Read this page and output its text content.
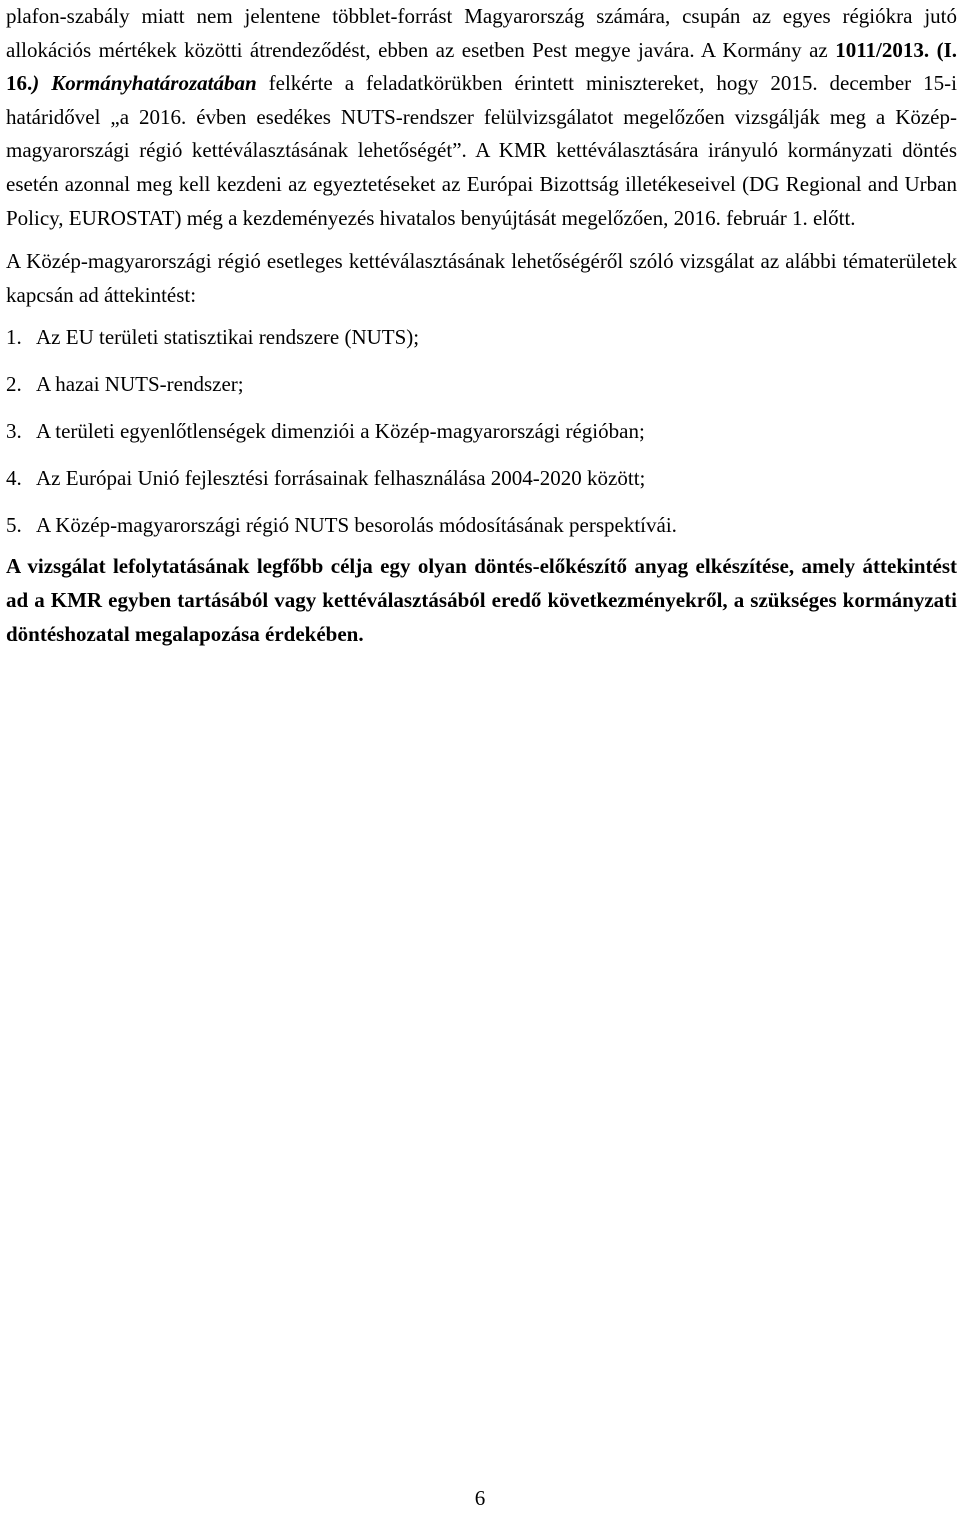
plafon-szabály miatt nem jelentene többlet-forrást Magyarország számára, csupán az egyes régiókra jutó allokációs mértékek közötti átrendeződést, ebben az esetben Pest megye javára. A Kormány az 1011/2013. (I. 16.) Kormányhatározatában felkérte a feladatkörükben érintett minisztereket, hogy 2015. december 15-i határidővel „a 2016. évben esedékes NUTS-rendszer felülvizsgálatot megelőzően vizsgálják meg a Közép-magyarországi régió kettéválasztásának lehetőségét”. A KMR kettéválasztására irányuló kormányzati döntés esetén azonnal meg kell kezdeni az egyeztetéseket az Európai Bizottság illetékeseivel (DG Regional and Urban Policy, EUROSTAT) még a kezdeményezés hivatalos benyújtását megelőzően, 2016. február 1. előtt.

A Közép-magyarországi régió esetleges kettéválasztásának lehetőségéről szóló vizsgálat az alábbi tématerületek kapcsán ad áttekintést:

1. Az EU területi statisztikai rendszere (NUTS);
2. A hazai NUTS-rendszer;
3. A területi egyenlőtlenségek dimenziói a Közép-magyarországi régióban;
4. Az Európai Unió fejlesztési forrásainak felhasználása 2004-2020 között;
5. A Közép-magyarországi régió NUTS besorolás módosításának perspektívái.

A vizsgálat lefolytatásának legfőbb célja egy olyan döntés-előkészítő anyag elkészítése, amely áttekintést ad a KMR egyben tartásából vagy kettéválasztásából eredő következményekről, a szükséges kormányzati döntéshozatal megalapozása érdekében.

6
